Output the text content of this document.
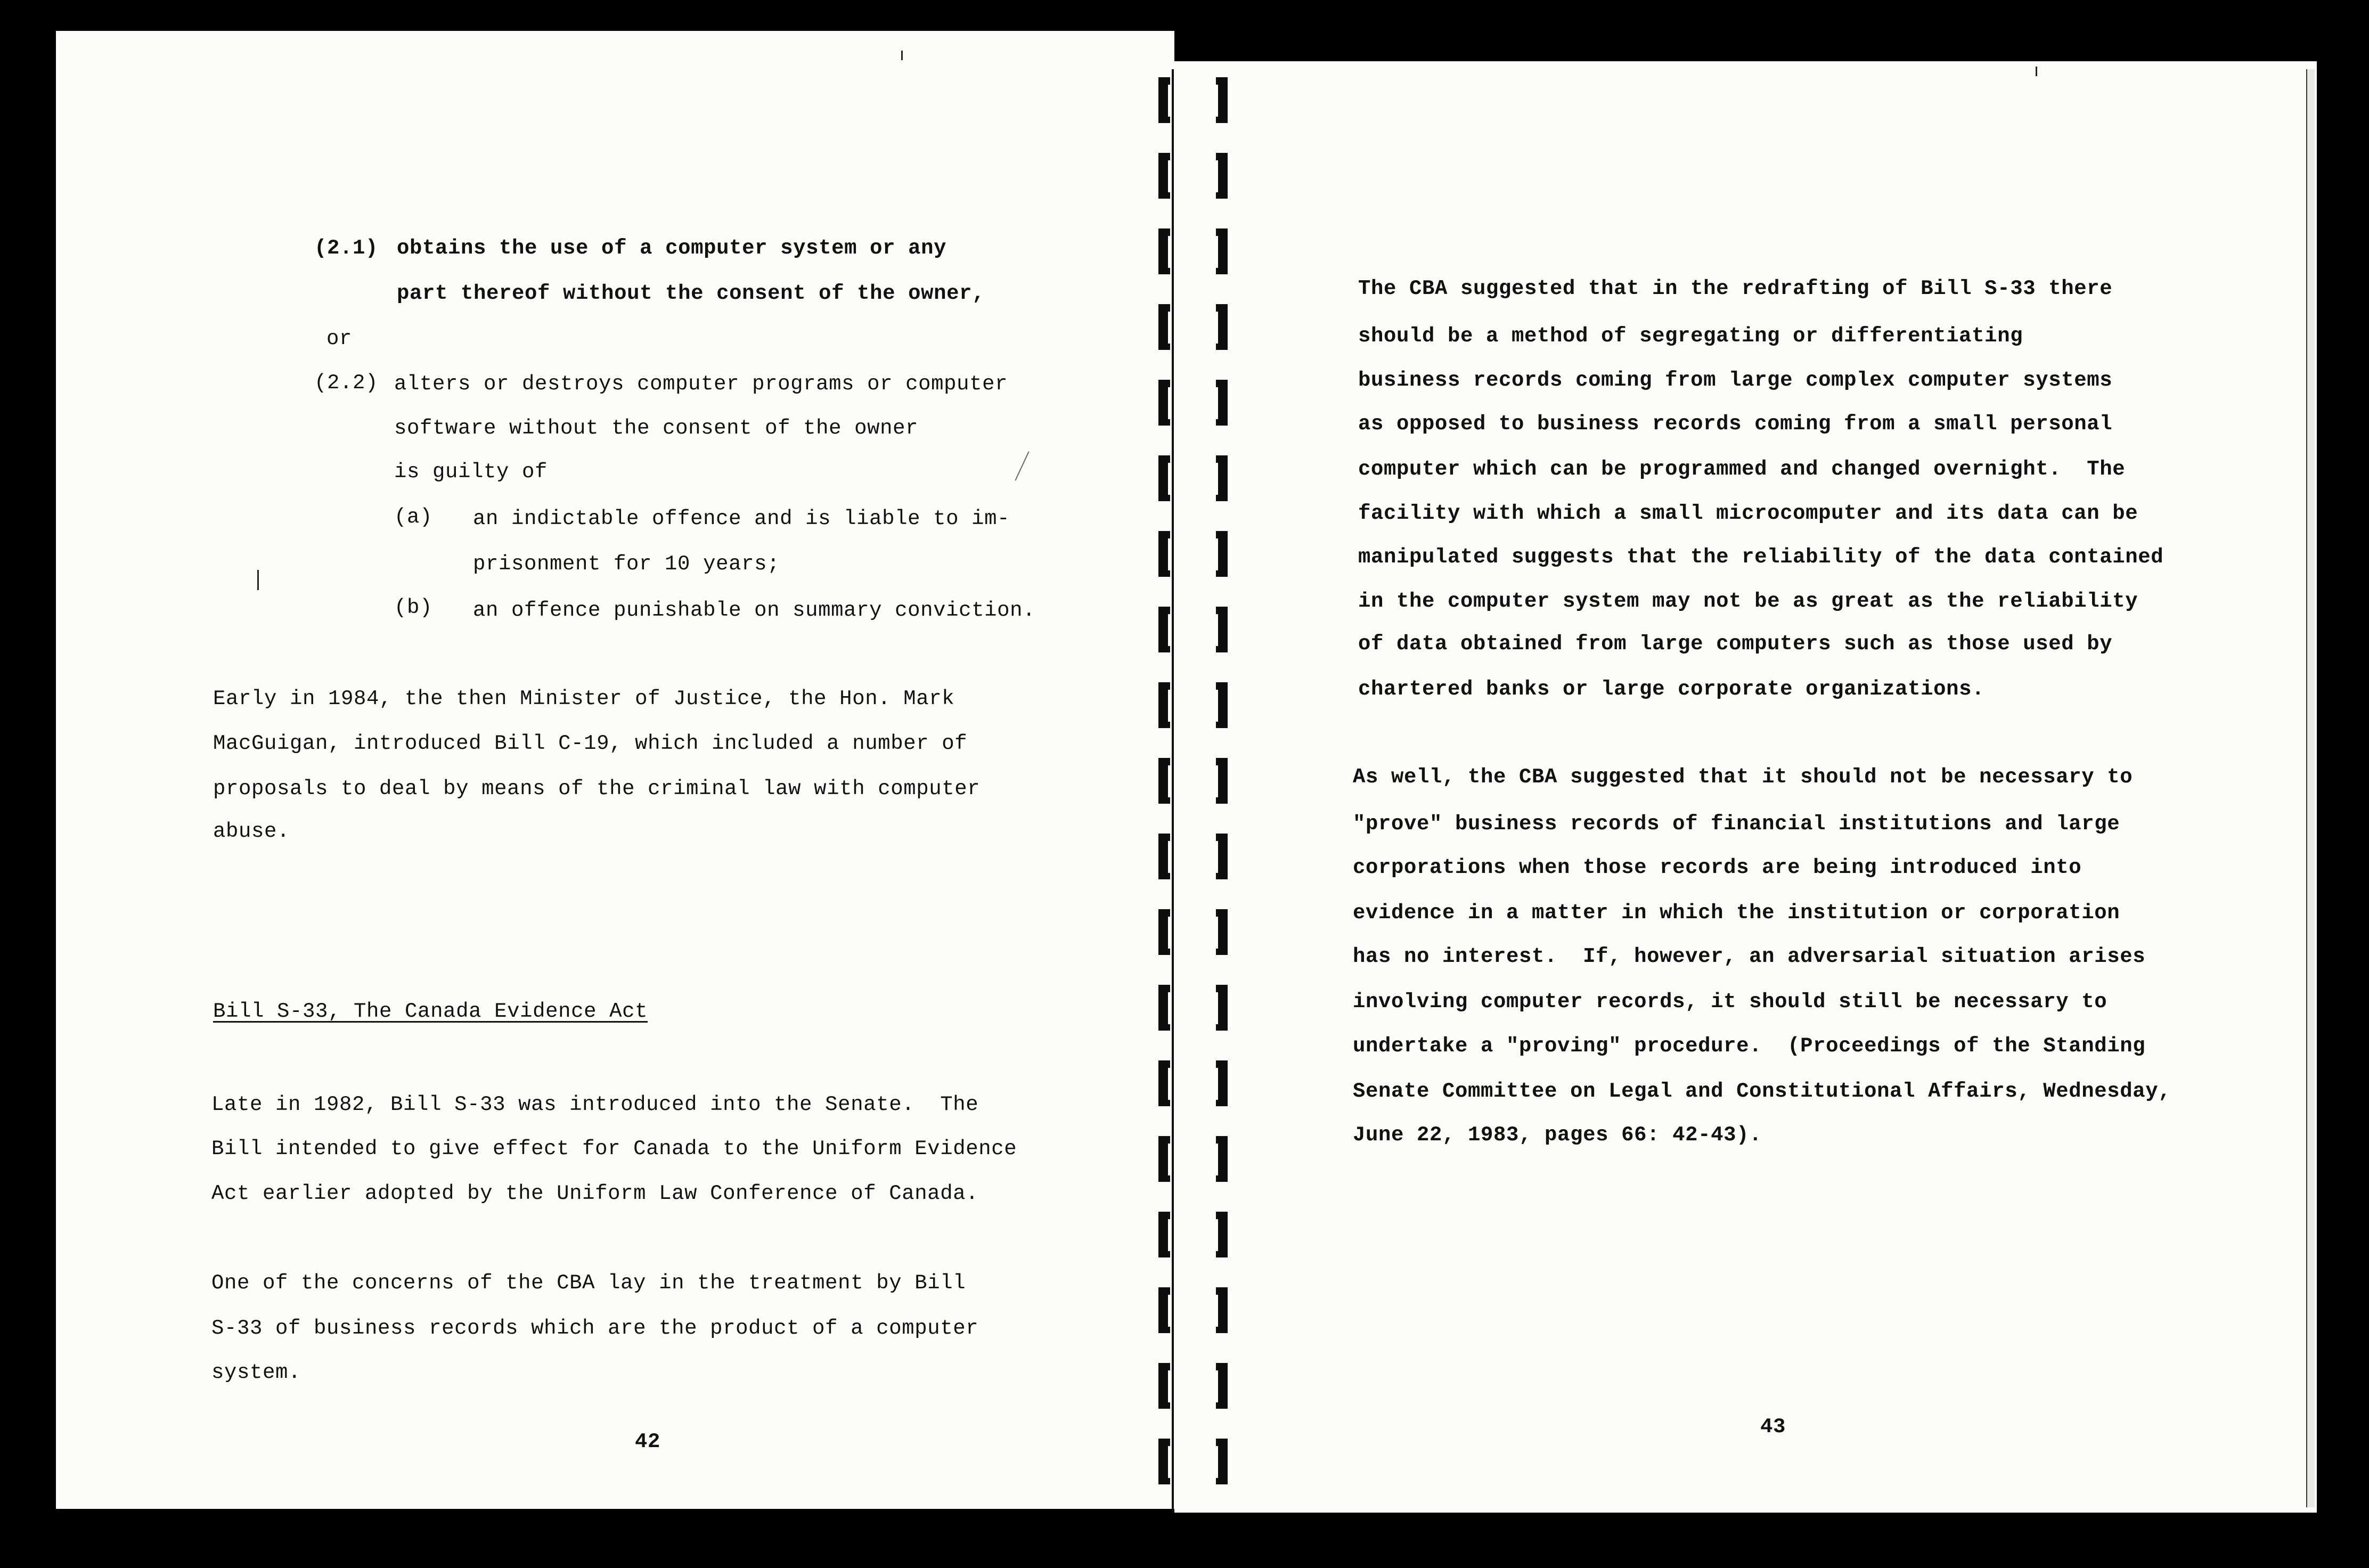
(2.1) obtains the use of a computer system or any
part thereof without the consent of the owner,
or
(2.2) alters or destroys computer programs or computer
software without the consent of the owner
is guilty of
(a) an indictable offence and is liable to im-
prisonment for 10 years;
(b) an offence punishable on summary conviction.
Early in 1984, the then Minister of Justice, the Hon. Mark
MacGuigan, introduced Bill C-19, which included a number of
proposals to deal by means of the criminal law with computer
abuse.
Bill S-33, The Canada Evidence Act
Late in 1982, Bill S-33 was introduced into the Senate.  The
Bill intended to give effect for Canada to the Uniform Evidence
Act earlier adopted by the Uniform Law Conference of Canada.
One of the concerns of the CBA lay in the treatment by Bill
S-33 of business records which are the product of a computer
system.
42
The CBA suggested that in the redrafting of Bill S-33 there
should be a method of segregating or differentiating
business records coming from large complex computer systems
as opposed to business records coming from a small personal
computer which can be programmed and changed overnight.  The
facility with which a small microcomputer and its data can be
manipulated suggests that the reliability of the data contained
in the computer system may not be as great as the reliability
of data obtained from large computers such as those used by
chartered banks or large corporate organizations.
As well, the CBA suggested that it should not be necessary to
"prove" business records of financial institutions and large
corporations when those records are being introduced into
evidence in a matter in which the institution or corporation
has no interest.  If, however, an adversarial situation arises
involving computer records, it should still be necessary to
undertake a "proving" procedure.  (Proceedings of the Standing
Senate Committee on Legal and Constitutional Affairs, Wednesday,
June 22, 1983, pages 66: 42-43).
43
